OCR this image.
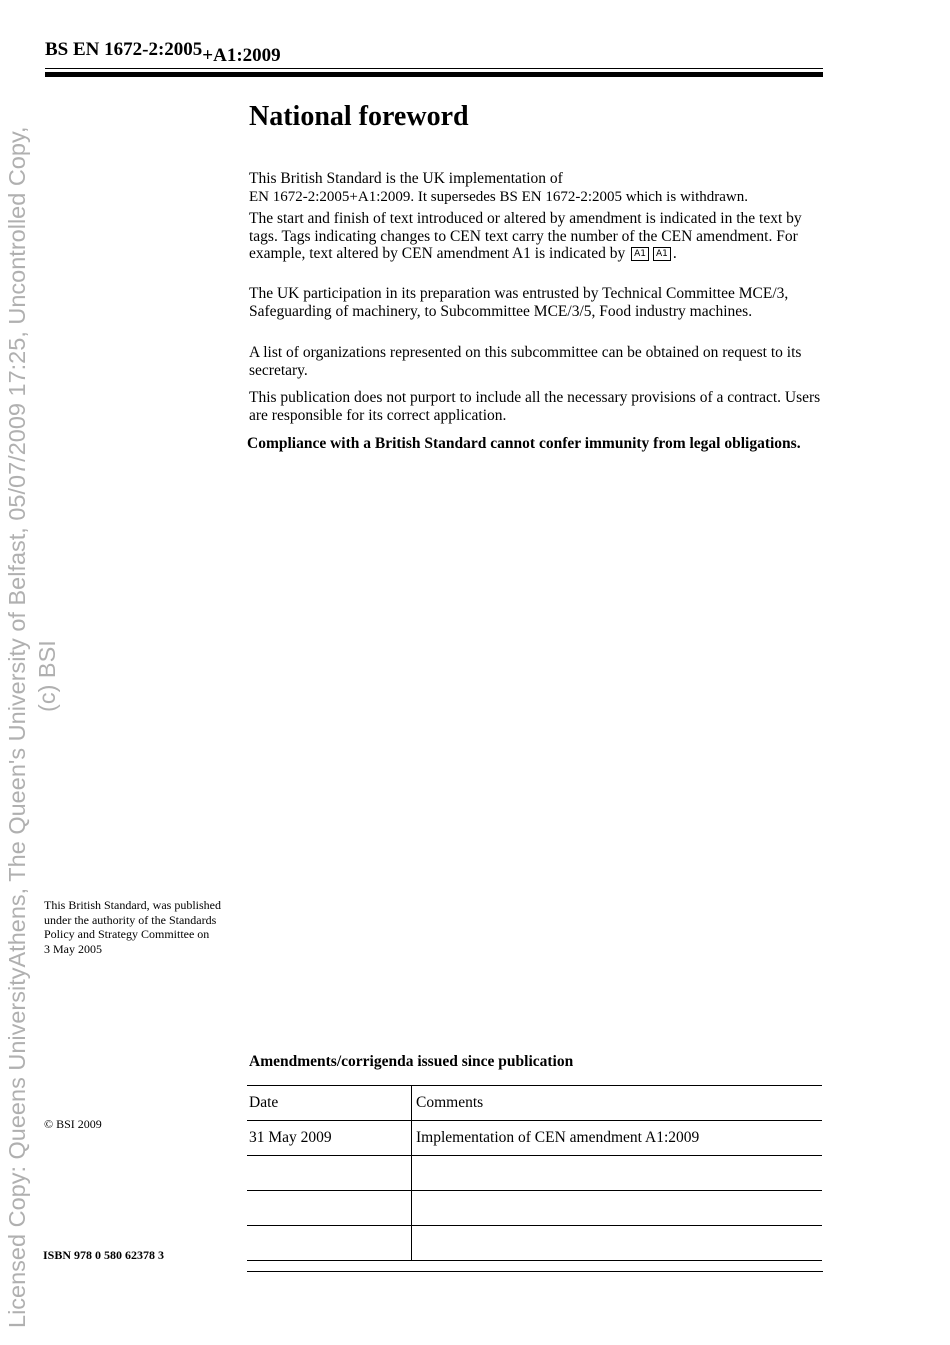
Licensed Copy: Queens UniversityAthens, The Queen's University of Belfast, 05/07/2009 17:25, Uncontrolled Copy, (c) BSI
BS EN 1672-2:2005+A1:2009
National foreword
This British Standard is the UK implementation of
EN 1672-2:2005+A1:2009. It supersedes BS EN 1672-2:2005 which is withdrawn.
The start and finish of text introduced or altered by amendment is indicated in the text by tags. Tags indicating changes to CEN text carry the number of the CEN amendment. For example, text altered by CEN amendment A1 is indicated by A1 A1 .
The UK participation in its preparation was entrusted by Technical Committee MCE/3, Safeguarding of machinery, to Subcommittee MCE/3/5, Food industry machines.
A list of organizations represented on this subcommittee can be obtained on request to its secretary.
This publication does not purport to include all the necessary provisions of a contract. Users are responsible for its correct application.
Compliance with a British Standard cannot confer immunity from legal obligations.
This British Standard, was published under the authority of the Standards Policy and Strategy Committee on
3 May 2005
© BSI 2009
ISBN 978 0 580 62378 3
Amendments/corrigenda issued since publication
Date	Comments
31 May 2009	Implementation of CEN amendment A1:2009
